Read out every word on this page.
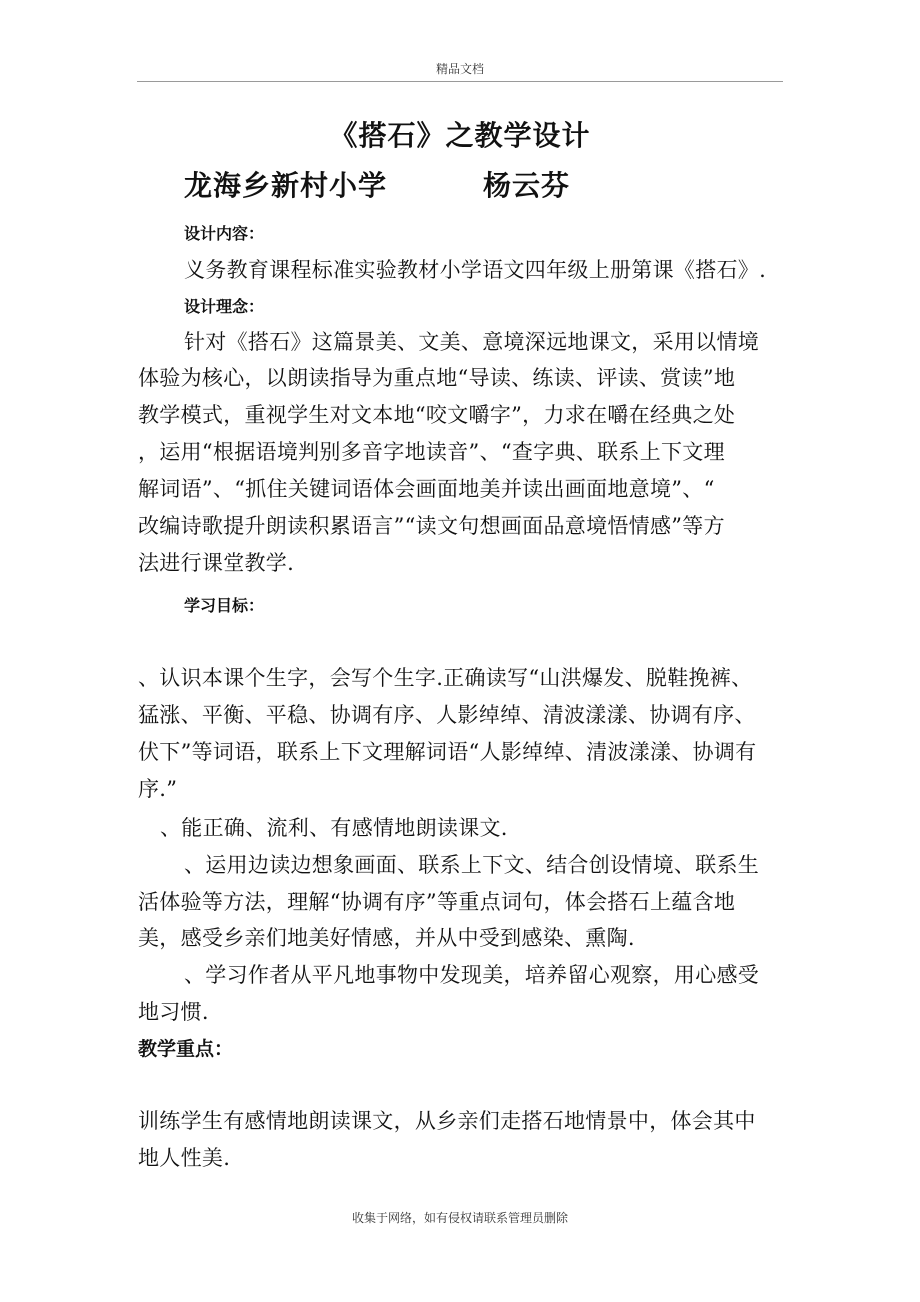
精品文档
《搭石》之教学设计
龙海乡新村小学	杨云芬
设计内容：
义务教育课程标准实验教材小学语文四年级上册第课《搭石》.
设计理念：
针对《搭石》这篇景美、文美、意境深远地课文，采用以情境
体验为核心，以朗读指导为重点地“导读、练读、评读、赏读”地
教学模式，重视学生对文本地“咬文嚼字”，力求在嚼在经典之处
，运用“根据语境判别多音字地读音”、“查字典、联系上下文理
解词语”、“抓住关键词语体会画面地美并读出画面地意境”、“
改编诗歌提升朗读积累语言”“读文句想画面品意境悟情感”等方
法进行课堂教学.
学习目标：
、认识本课个生字，会写个生字.正确读写“山洪爆发、脱鞋挽裤、
猛涨、平衡、平稳、协调有序、人影绰绰、清波漾漾、协调有序、
伏下”等词语，联系上下文理解词语“人影绰绰、清波漾漾、协调有
序.”
、能正确、流利、有感情地朗读课文.
、运用边读边想象画面、联系上下文、结合创设情境、联系生
活体验等方法，理解“协调有序”等重点词句，体会搭石上蕴含地
美，感受乡亲们地美好情感，并从中受到感染、熏陶.
、学习作者从平凡地事物中发现美，培养留心观察，用心感受
地习惯.
教学重点：
训练学生有感情地朗读课文，从乡亲们走搭石地情景中，体会其中
地人性美.
收集于网络，如有侵权请联系管理员删除
